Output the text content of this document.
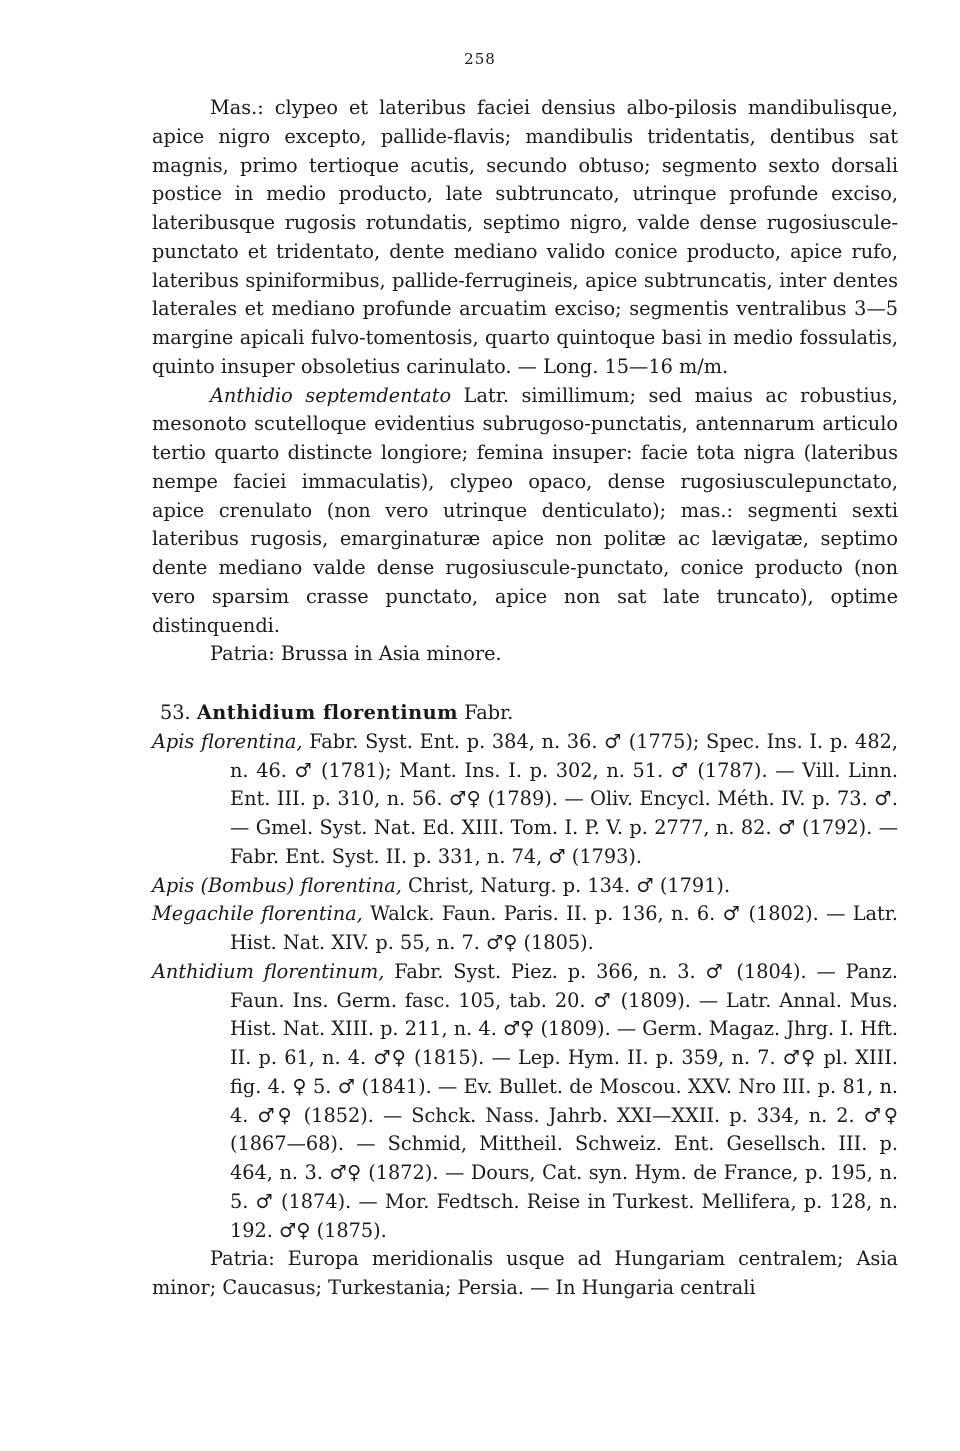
258

Mas.: clypeo et lateribus faciei densius albo-pilosis mandibulisque, apice nigro excepto, pallide-flavis; mandibulis tridentatis, dentibus sat magnis, primo tertioque acutis, secundo obtuso; segmento sexto dorsali postice in medio producto, late subtruncato, utrinque profunde exciso, lateribusque rugosis rotundatis, septimo nigro, valde dense rugosiuscule-punctato et tridentato, dente mediano valido conice producto, apice rufo, lateribus spiniformibus, pallide-ferrugineis, apice subtruncatis, inter dentes laterales et mediano profunde arcuatim exciso; segmentis ventralibus 3—5 margine apicali fulvo-tomentosis, quarto quintoque basi in medio fossulatis, quinto insuper obsoletius carinulato. — Long. 15—16 m/m.

Anthidio septemdentato Latr. simillimum; sed maius ac robustius, mesonoto scutelloque evidentius subrugoso-punctatis, antennarum articulo tertio quarto distincte longiore; femina insuper: facie tota nigra (lateribus nempe faciei immaculatis), clypeo opaco, dense rugosiusculepunctato, apice crenulato (non vero utrinque denticulato); mas.: segmenti sexti lateribus rugosis, emarginaturæ apice non politæ ac lævigatæ, septimo dente mediano valde dense rugosiuscule-punctato, conice producto (non vero sparsim crasse punctato, apice non sat late truncato), optime distinquendi.

Patria: Brussa in Asia minore.

53. Anthidium florentinum Fabr.

Apis florentina, Fabr. Syst. Ent. p. 384, n. 36. ♂ (1775); Spec. Ins. I. p. 482, n. 46. ♂ (1781); Mant. Ins. I. p. 302, n. 51. ♂ (1787). — Vill. Linn. Ent. III. p. 310, n. 56. ♂♀ (1789). — Oliv. Encycl. Méth. IV. p. 73. ♂. — Gmel. Syst. Nat. Ed. XIII. Tom. I. P. V. p. 2777, n. 82. ♂ (1792). — Fabr. Ent. Syst. II. p. 331, n. 74, ♂ (1793).

Apis (Bombus) florentina, Christ, Naturg. p. 134. ♂ (1791).

Megachile florentina, Walck. Faun. Paris. II. p. 136, n. 6. ♂ (1802). — Latr. Hist. Nat. XIV. p. 55, n. 7. ♂♀ (1805).

Anthidium florentinum, Fabr. Syst. Piez. p. 366, n. 3. ♂ (1804). — Panz. Faun. Ins. Germ. fasc. 105, tab. 20. ♂ (1809). — Latr. Annal. Mus. Hist. Nat. XIII. p. 211, n. 4. ♂♀ (1809). — Germ. Magaz. Jhrg. I. Hft. II. p. 61, n. 4. ♂♀ (1815). — Lep. Hym. II. p. 359, n. 7. ♂♀ pl. XIII. fig. 4. ♀ 5. ♂ (1841). — Ev. Bullet. de Moscou. XXV. Nro III. p. 81, n. 4. ♂♀ (1852). — Schck. Nass. Jahrb. XXI—XXII. p. 334, n. 2. ♂♀ (1867—68). — Schmid, Mittheil. Schweiz. Ent. Gesellsch. III. p. 464, n. 3. ♂♀ (1872). — Dours, Cat. syn. Hym. de France, p. 195, n. 5. ♂ (1874). — Mor. Fedtsch. Reise in Turkest. Mellifera, p. 128, n. 192. ♂♀ (1875).

Patria: Europa meridionalis usque ad Hungariam centralem; Asia minor; Caucasus; Turkestania; Persia. — In Hungaria centrali
